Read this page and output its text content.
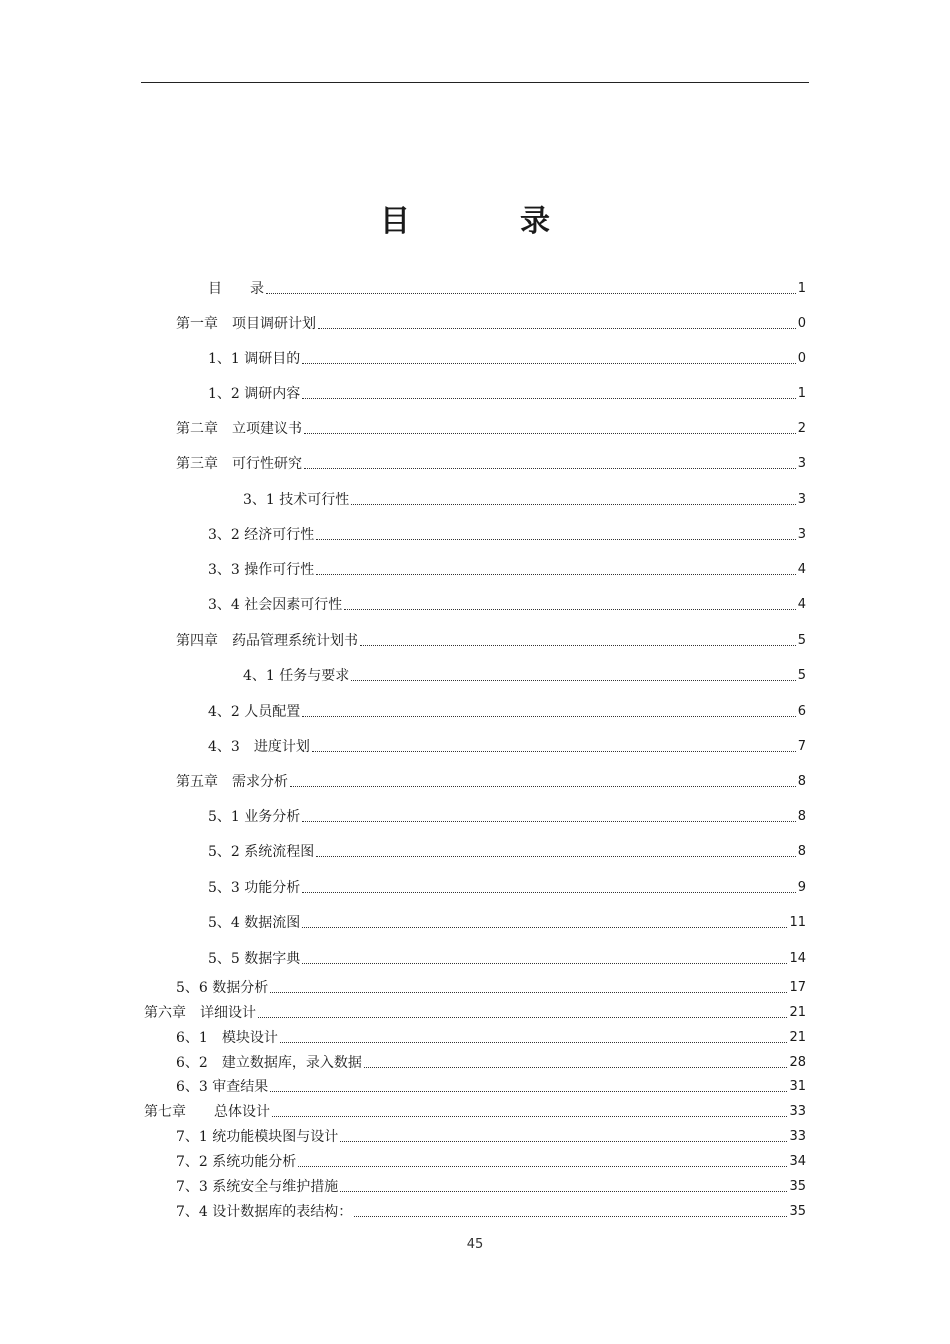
目　录
目　　录	1
第一章　项目调研计划	0
1、1 调研目的	0
1、2 调研内容	1
第二章　立项建议书	2
第三章　可行性研究	3
3、1 技术可行性	3
3、2 经济可行性	3
3、3 操作可行性	4
3、4 社会因素可行性	4
第四章　药品管理系统计划书	5
4、1 任务与要求	5
4、2 人员配置	6
4、3　进度计划	7
第五章　需求分析	8
5、1 业务分析	8
5、2 系统流程图	8
5、3 功能分析	9
5、4 数据流图	11
5、5 数据字典	14
5、6 数据分析	17
第六章　详细设计	21
6、1　模块设计	21
6、2　建立数据库，录入数据	28
6、3 审查结果	31
第七章　　总体设计	33
7、1 统功能模块图与设计	33
7、2 系统功能分析	34
7、3 系统安全与维护措施	35
7、4 设计数据库的表结构：	35
45
